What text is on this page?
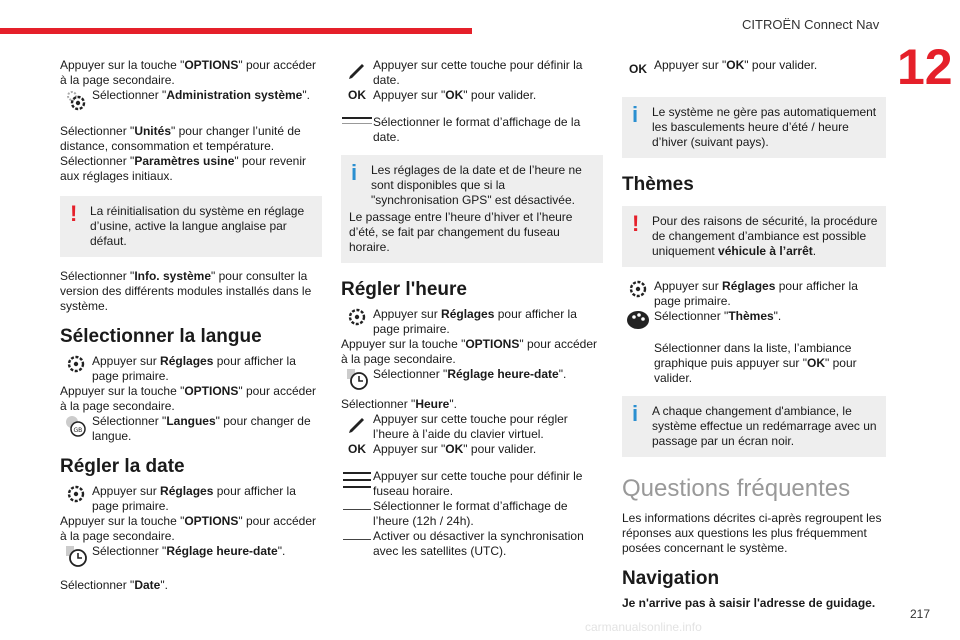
CITROËN Connect Nav
12

Appuyer sur la touche "OPTIONS" pour accéder à la page secondaire.

Sélectionner "Administration système".

Sélectionner "Unités" pour changer l’unité de distance, consommation et température.

Sélectionner "Paramètres usine" pour revenir aux réglages initiaux.

!	La réinitialisation du système en réglage d’usine, active la langue anglaise par défaut.

Sélectionner "Info. système" pour consulter la version des différents modules installés dans le système.

Sélectionner la langue

Appuyer sur Réglages pour afficher la page primaire.

Appuyer sur la touche "OPTIONS" pour accéder à la page secondaire.

GB

Sélectionner "Langues" pour changer de langue.

Régler la date

Appuyer sur Réglages pour afficher la page primaire.

Appuyer sur la touche "OPTIONS" pour accéder à la page secondaire.

Sélectionner "Réglage heure-date".

Sélectionner "Date".

Appuyer sur cette touche pour définir la date.

OK Appuyer sur "OK" pour valider.

Sélectionner le format d’affichage de la date.

i	Les réglages de la date et de l’heure ne sont disponibles que si la "synchronisation GPS" est désactivée.
Le passage entre l’heure d’hiver et l’heure d’été, se fait par changement du fuseau horaire.
Régler l'heure

Appuyer sur Réglages pour afficher la page primaire.

Appuyer sur la touche "OPTIONS" pour accéder à la page secondaire.

Sélectionner "Réglage heure-date".

Sélectionner "Heure".

Appuyer sur cette touche pour régler l’heure à l’aide du clavier virtuel.

OK Appuyer sur "OK" pour valider.

Appuyer sur cette touche pour définir le fuseau horaire.

Sélectionner le format d’affichage de l’heure (12h / 24h).

Activer ou désactiver la synchronisation avec les satellites (UTC).

OK Appuyer sur "OK" pour valider.

i	Le système ne gère pas automatiquement les basculements heure d’été / heure d’hiver (suivant pays).
Thèmes
!	Pour des raisons de sécurité, la procédure de changement d’ambiance est possible uniquement véhicule à l’arrêt.

Appuyer sur Réglages pour afficher la page primaire.

Sélectionner "Thèmes".

Sélectionner dans la liste, l’ambiance graphique puis appuyer sur "OK" pour valider.

i	A chaque changement d'ambiance, le système effectue un redémarrage avec un passage par un écran noir.
Questions fréquentes

Les informations décrites ci-après regroupent les réponses aux questions les plus fréquemment posées concernant le système.

Navigation

Je n'arrive pas à saisir l'adresse de guidage.

217
carmanualsonline.info
